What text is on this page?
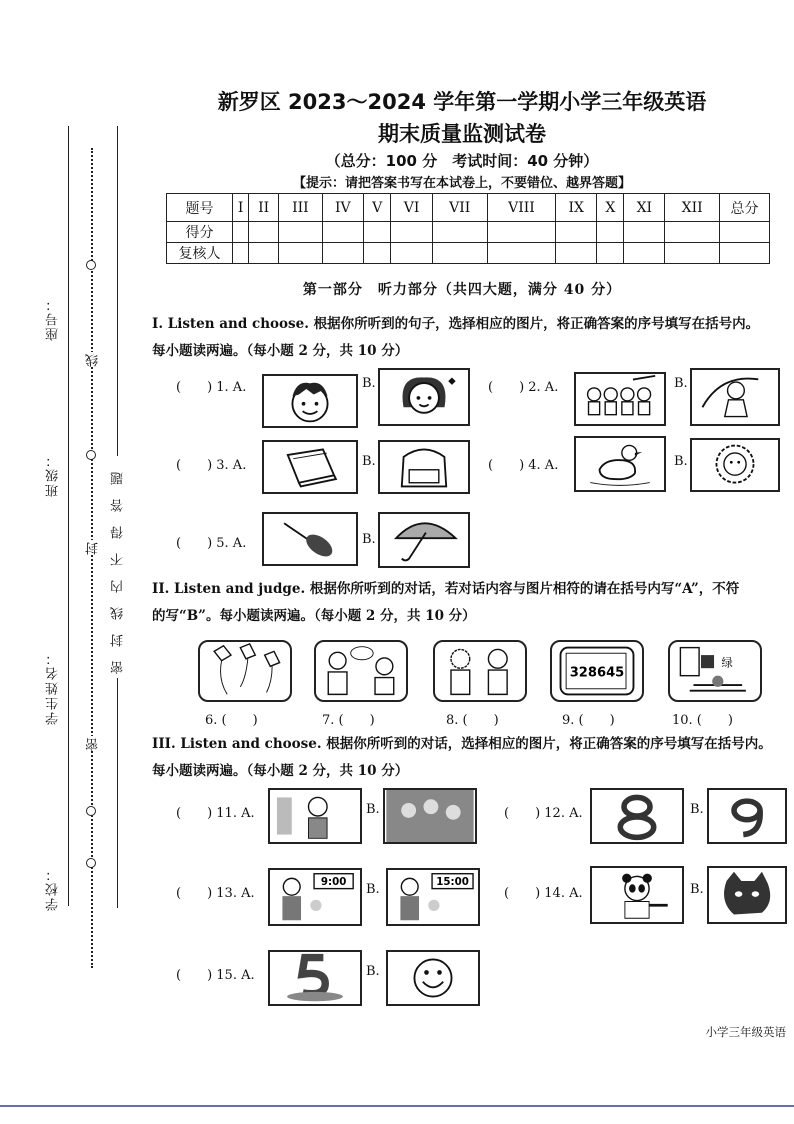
座号：
班级：
学生姓名：
学校：
线
封
密
密封线内不得答题
新罗区 2023～2024 学年第一学期小学三年级英语
期末质量监测试卷
（总分：100 分　考试时间：40 分钟）
【提示：请把答案书写在本试卷上，不要错位、越界答题】
题号	I	II	III	IV	V	VI	VII	VIII	IX	X	XI	XII	总分
得分													
复核人													
第一部分　听力部分（共四大题，满分 40 分）
I. Listen and choose. 根据你所听到的句子，选择相应的图片，将正确答案的序号填写在括号内。
每小题读两遍。（每小题 2 分，共 10 分）
(　　) 1. A.	B.	(　　) 2. A.	B.
(　　) 3. A.	B.	(　　) 4. A.	B.
(　　) 5. A.	B.
II. Listen and judge. 根据你所听到的对话，若对话内容与图片相符的请在括号内写“A”，不符
的写“B”。每小题读两遍。（每小题 2 分，共 10 分）
328645
绿
6. (　　)	7. (　　)	8. (　　)	9. (　　)	10. (　　)
III. Listen and choose. 根据你所听到的对话，选择相应的图片，将正确答案的序号填写在括号内。
每小题读两遍。（每小题 2 分，共 10 分）
(　　) 11. A.	B.	(　　) 12. A.	B.
(　　) 13. A.
9:00
B.
15:00
(　　) 14. A.	B.
(　　) 15. A.	B.
小学三年级英语
